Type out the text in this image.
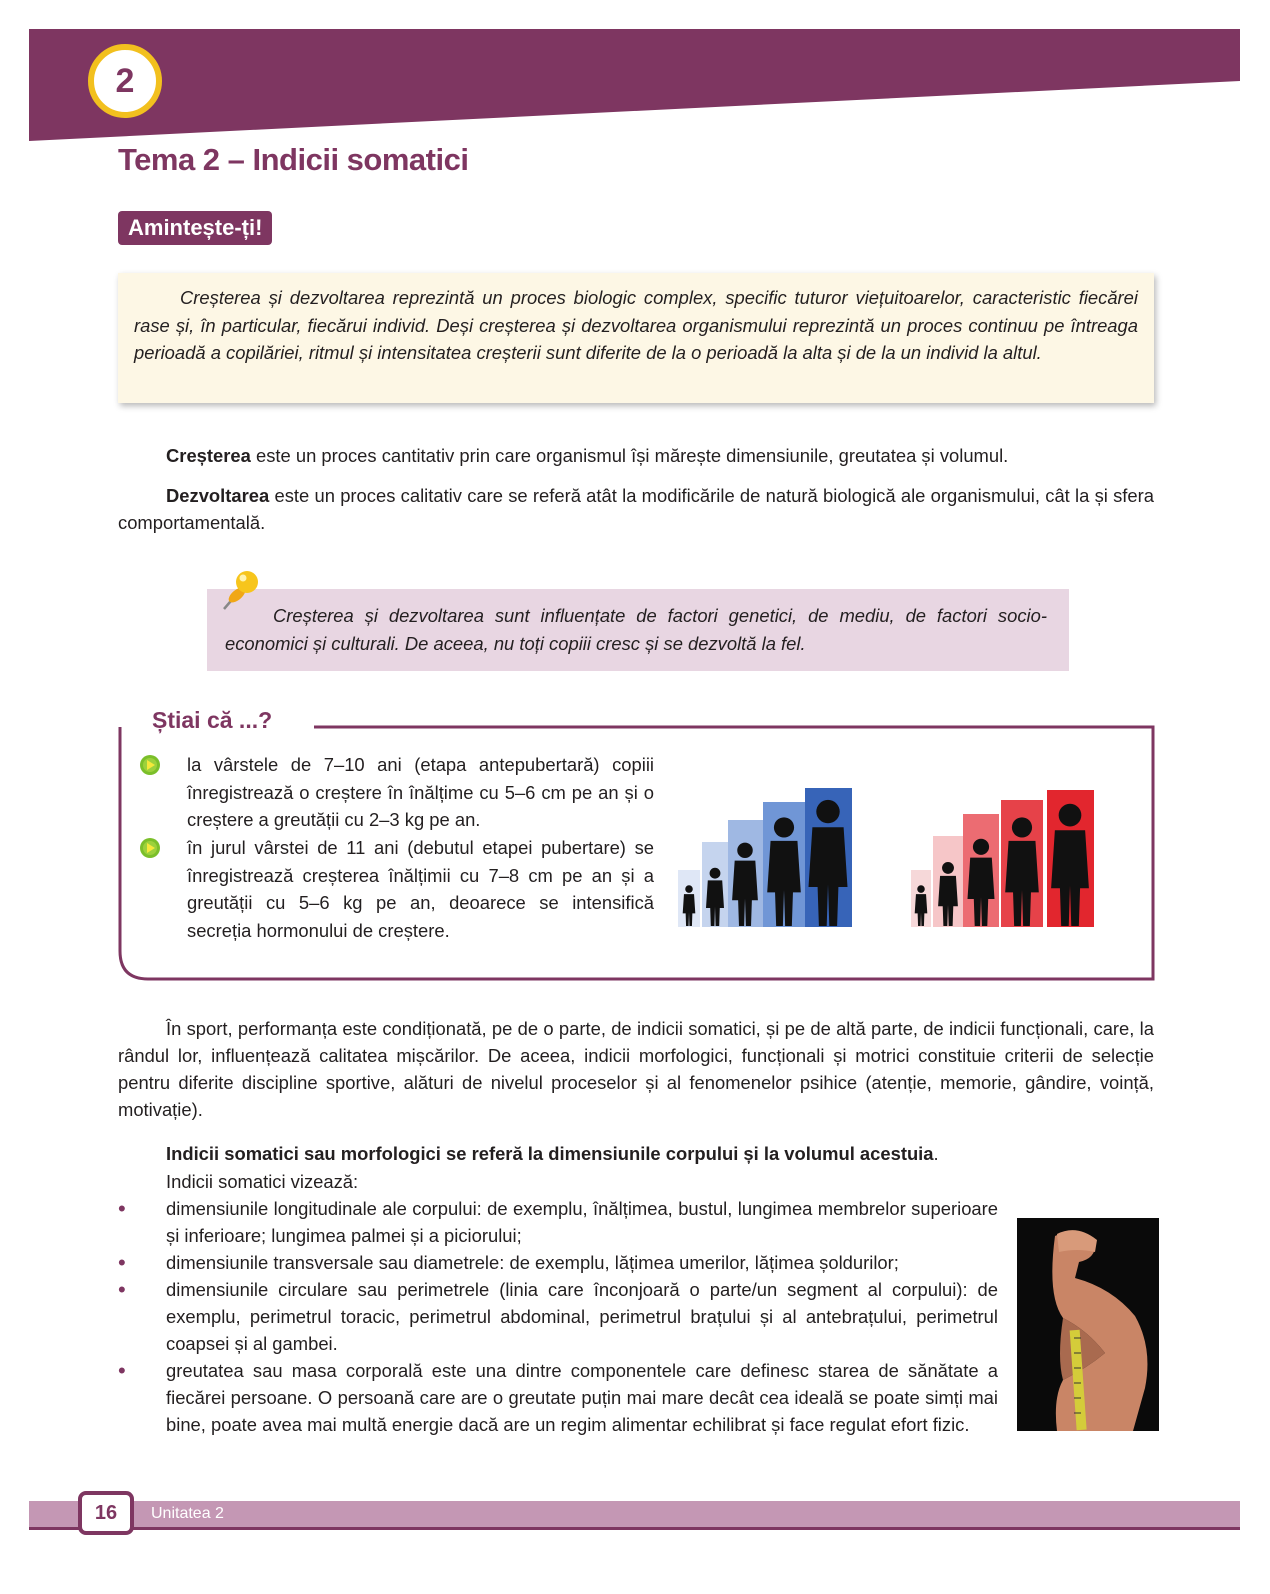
2
Tema 2 – Indicii somatici
Amintește-ți!
Creșterea și dezvoltarea reprezintă un proces biologic complex, specific tuturor viețuitoarelor, caracteristic fiecărei rase și, în particular, fiecărui individ. Deși creșterea și dezvoltarea organismului reprezintă un proces continuu pe întreaga perioadă a copilăriei, ritmul și intensitatea creșterii sunt diferite de la o perioadă la alta și de la un individ la altul.

Creșterea este un proces cantitativ prin care organismul își mărește dimensiunile, greutatea și volumul.

Dezvoltarea este un proces calitativ care se referă atât la modificările de natură biologică ale organismului, cât la și sfera comportamentală.

Creșterea și dezvoltarea sunt influențate de factori genetici, de mediu, de factori socio-economici și culturali. De aceea, nu toți copiii cresc și se dezvoltă la fel.
Știai că ...?

la vârstele de 7–10 ani (etapa antepubertară) copiii înregistrează o creștere în înălțime cu 5–6 cm pe an și o creștere a greutății cu 2–3 kg pe an.

în jurul vârstei de 11 ani (debutul etapei pubertare) se înregistrează creșterea înălțimii cu 7–8 cm pe an și a greutății cu 5–6 kg pe an, deoarece se intensifică secreția hormonului de creștere.

În sport, performanța este condiționată, pe de o parte, de indicii somatici, și pe de altă parte, de indicii funcționali, care, la rândul lor, influențează calitatea mișcărilor. De aceea, indicii morfologici, funcționali și motrici constituie criterii de selecție pentru diferite discipline sportive, alături de nivelul proceselor și al fenomenelor psihice (atenție, memorie, gândire, voință, motivație).

Indicii somatici sau morfologici se referă la dimensiunile corpului și la volumul acestuia.

Indicii somatici vizează:

• dimensiunile longitudinale ale corpului: de exemplu, înălțimea, bustul, lungimea membrelor superioare și inferioare; lungimea palmei și a piciorului;
• dimensiunile transversale sau diametrele: de exemplu, lățimea umerilor, lățimea șoldurilor;
• dimensiunile circulare sau perimetrele (linia care înconjoară o parte/un segment al corpului): de exemplu, perimetrul toracic, perimetrul abdominal, perimetrul brațului și al antebrațului, perimetrul coapsei și al gambei.
• greutatea sau masa corporală este una dintre componentele care definesc starea de sănătate a fiecărei persoane. O persoană care are o greutate puțin mai mare decât cea ideală se poate simți mai bine, poate avea mai multă energie dacă are un regim alimentar echilibrat și face regulat efort fizic.
16 Unitatea 2
